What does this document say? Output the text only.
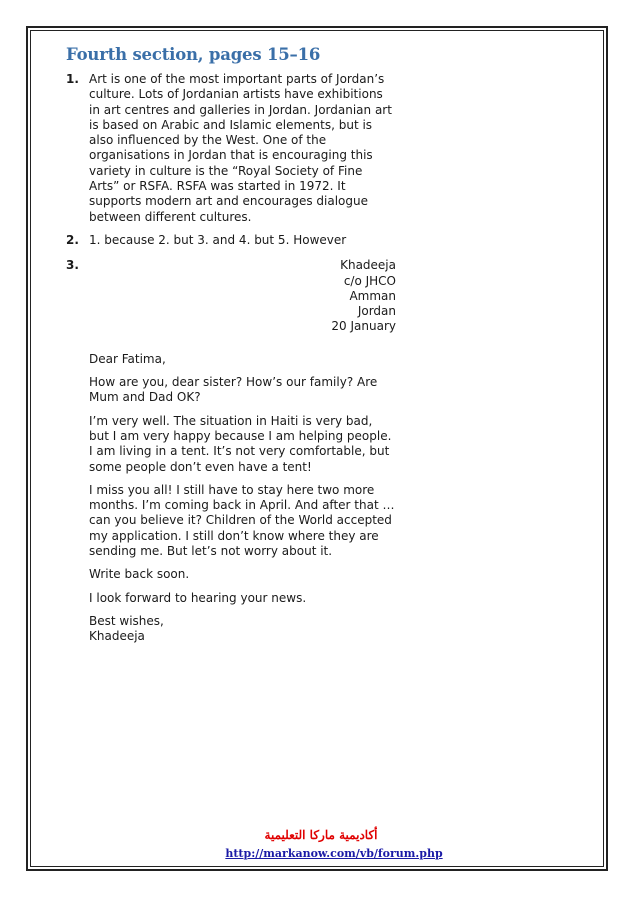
Fourth section, pages 15–16
1. Art is one of the most important parts of Jordan’s culture. Lots of Jordanian artists have exhibitions in art centres and galleries in Jordan. Jordanian art is based on Arabic and Islamic elements, but is also influenced by the West. One of the organisations in Jordan that is encouraging this variety in culture is the “Royal Society of Fine Arts” or RSFA. RSFA was started in 1972. It supports modern art and encourages dialogue between different cultures.

2. 1. because 2. but 3. and 4. but 5. However

3.	Khadeeja
c/o JHCO
Amman
Jordan
20 January

Dear Fatima,

How are you, dear sister? How’s our family? Are Mum and Dad OK?

I’m very well. The situation in Haiti is very bad, but I am very happy because I am helping people. I am living in a tent. It’s not very comfortable, but some people don’t even have a tent!

I miss you all! I still have to stay here two more months. I’m coming back in April. And after that … can you believe it? Children of the World accepted my application. I still don’t know where they are sending me. But let’s not worry about it.

Write back soon.

I look forward to hearing your news.

Best wishes,

Khadeeja

أكاديمية ماركا التعليمية
http://markanow.com/vb/forum.php
